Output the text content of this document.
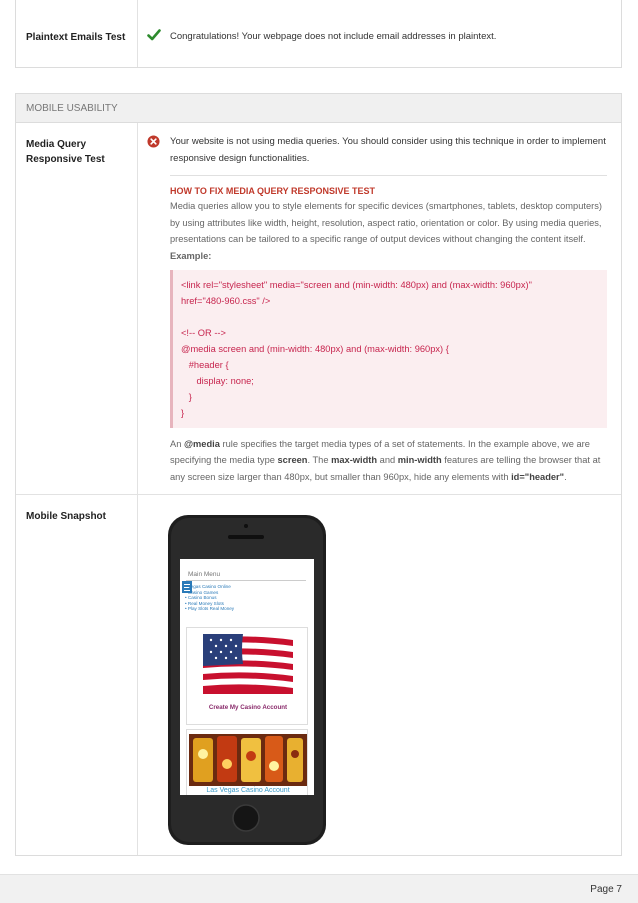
Plaintext Emails Test	Congratulations! Your webpage does not include email addresses in plaintext.
MOBILE USABILITY
Media Query Responsive Test
Your website is not using media queries. You should consider using this technique in order to implement responsive design functionalities.
HOW TO FIX MEDIA QUERY RESPONSIVE TEST
Media queries allow you to style elements for specific devices (smartphones, tablets, desktop computers) by using attributes like width, height, resolution, aspect ratio, orientation or color. By using media queries, presentations can be tailored to a specific range of output devices without changing the content itself.
Example:
<link rel="stylesheet" media="screen and (min-width: 480px) and (max-width: 960px)"
href="480-960.css" />

<!-- OR -->
@media screen and (min-width: 480px) and (max-width: 960px) {
#header {
display: none;
}
}
An @media rule specifies the target media types of a set of statements. In the example above, we are specifying the media type screen. The max-width and min-width features are telling the browser that at any screen size larger than 480px, but smaller than 960px, hide any elements with id="header".
Mobile Snapshot
Main Menu
• Vegas Casino Online
• Casino Games
• Casino Bonus
• Real Money Slots
• Play Slots Real Money
Create My Casino Account
Las Vegas Casino Account
Page 7
